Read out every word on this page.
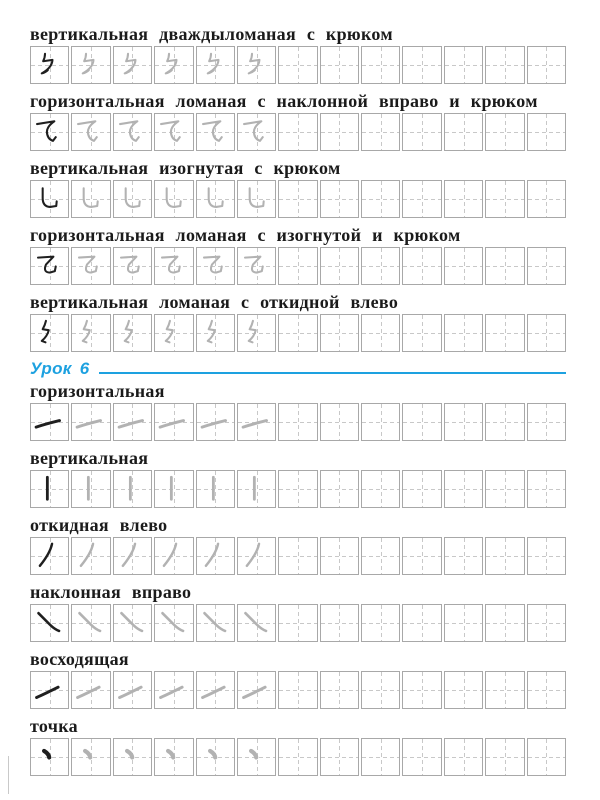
вертикальная дваждыломаная с крюком
горизонтальная ломаная с наклонной вправо и крюком
вертикальная изогнутая с крюком
горизонтальная ломаная с изогнутой и крюком
вертикальная ломаная с откидной влево
Урок 6
горизонтальная
вертикальная
откидная влево
наклонная вправо
восходящая
точка
